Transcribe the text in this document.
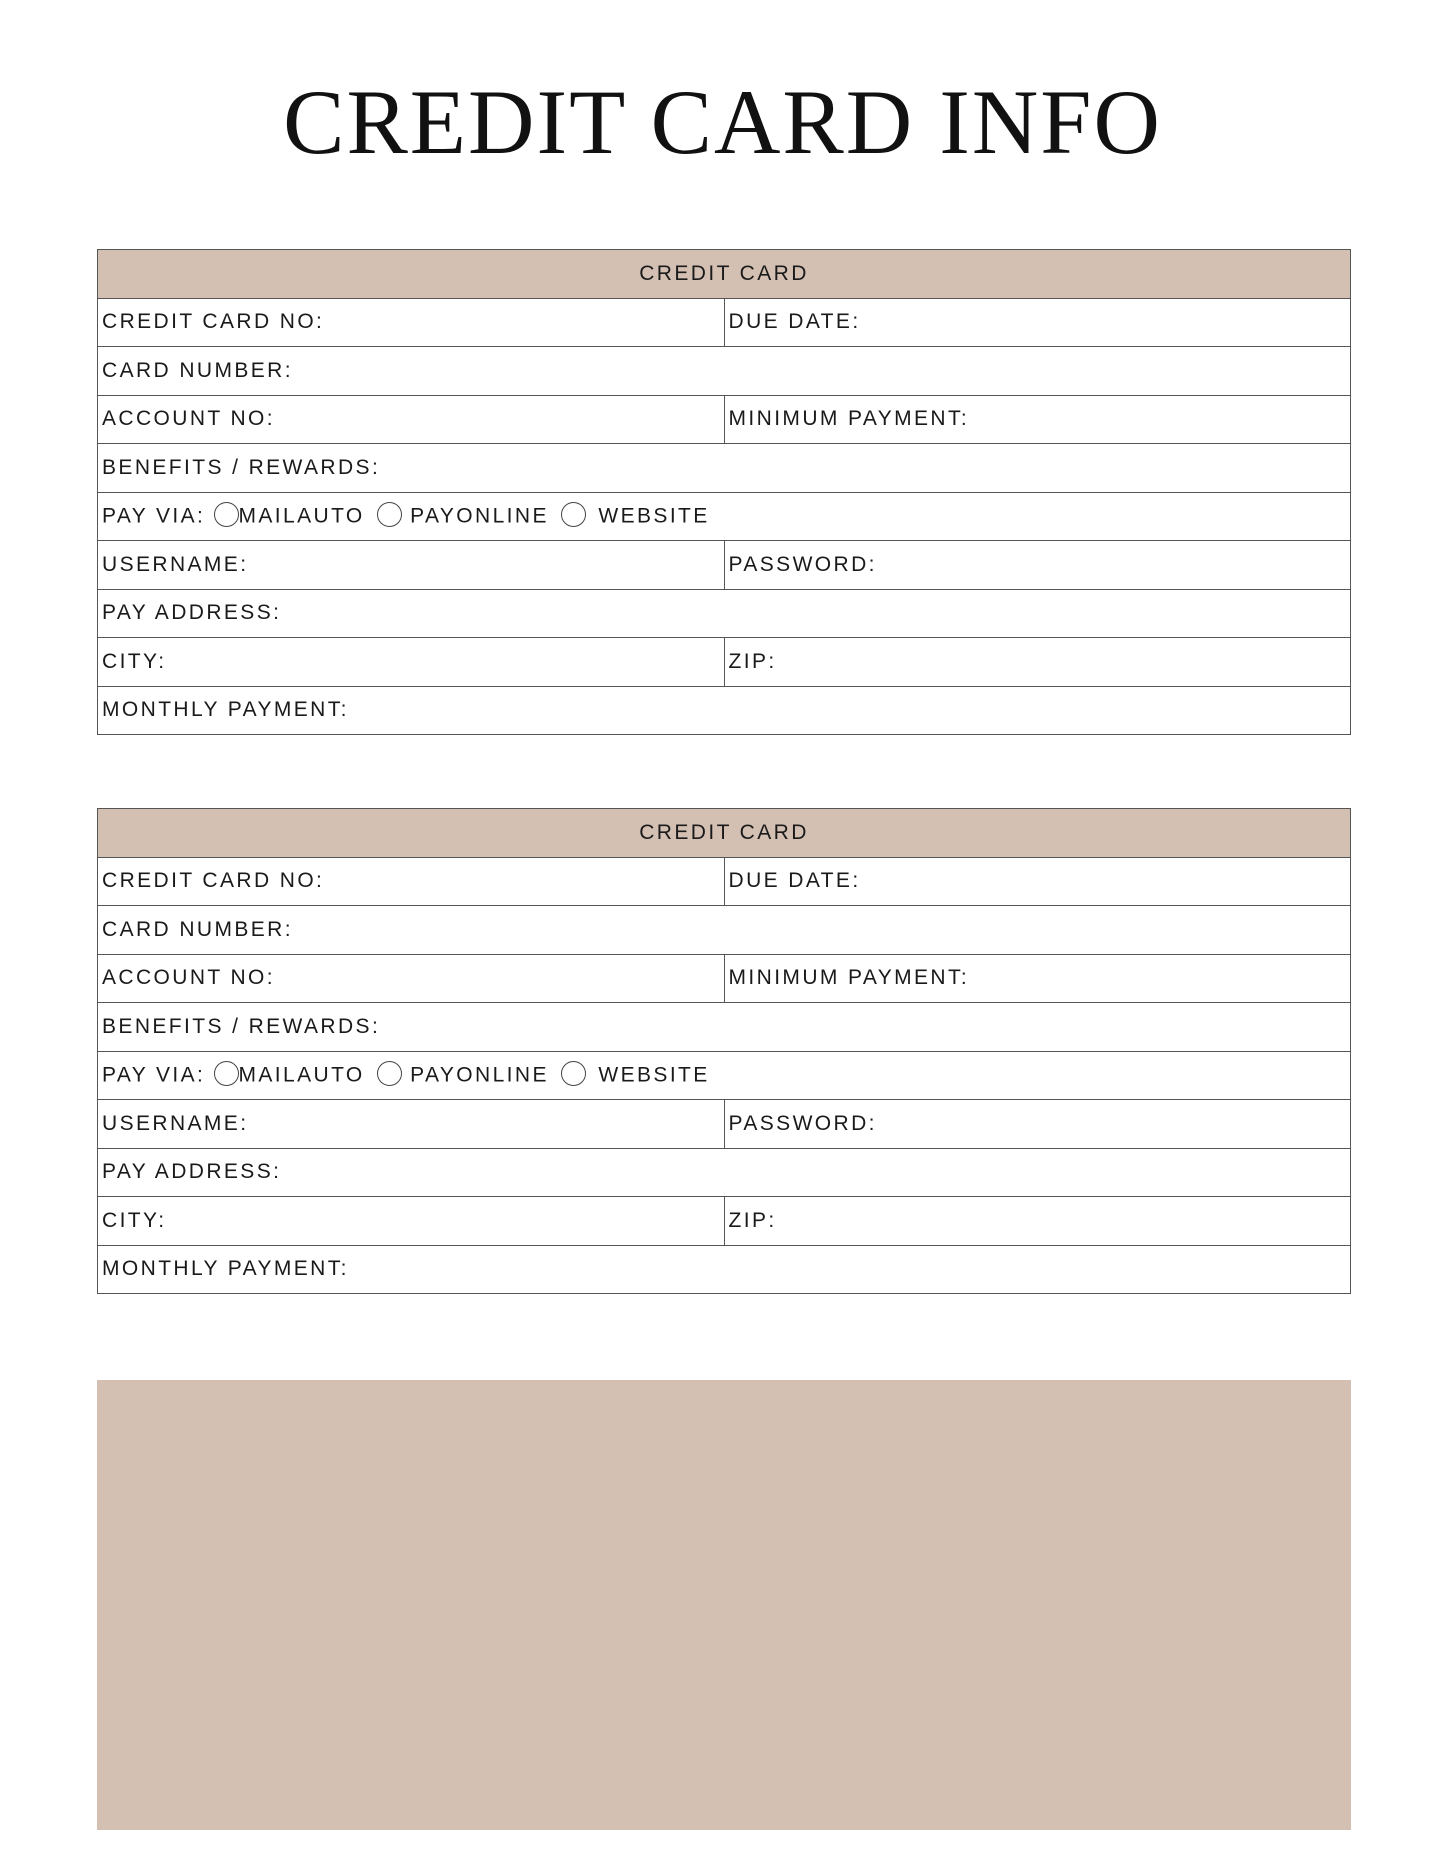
CREDIT CARD INFO
CREDIT CARD	
CREDIT CARD NO:	DUE DATE:
CARD NUMBER:	
ACCOUNT NO:	MINIMUM PAYMENT:
BENEFITS / REWARDS:	
PAY VIA: MAILAUTO PAYONLINE WEBSITE	
USERNAME:	PASSWORD:
PAY ADDRESS:	
CITY:	ZIP:
MONTHLY PAYMENT:	
CREDIT CARD	
CREDIT CARD NO:	DUE DATE:
CARD NUMBER:	
ACCOUNT NO:	MINIMUM PAYMENT:
BENEFITS / REWARDS:	
PAY VIA: MAILAUTO PAYONLINE WEBSITE	
USERNAME:	PASSWORD:
PAY ADDRESS:	
CITY:	ZIP:
MONTHLY PAYMENT:	
